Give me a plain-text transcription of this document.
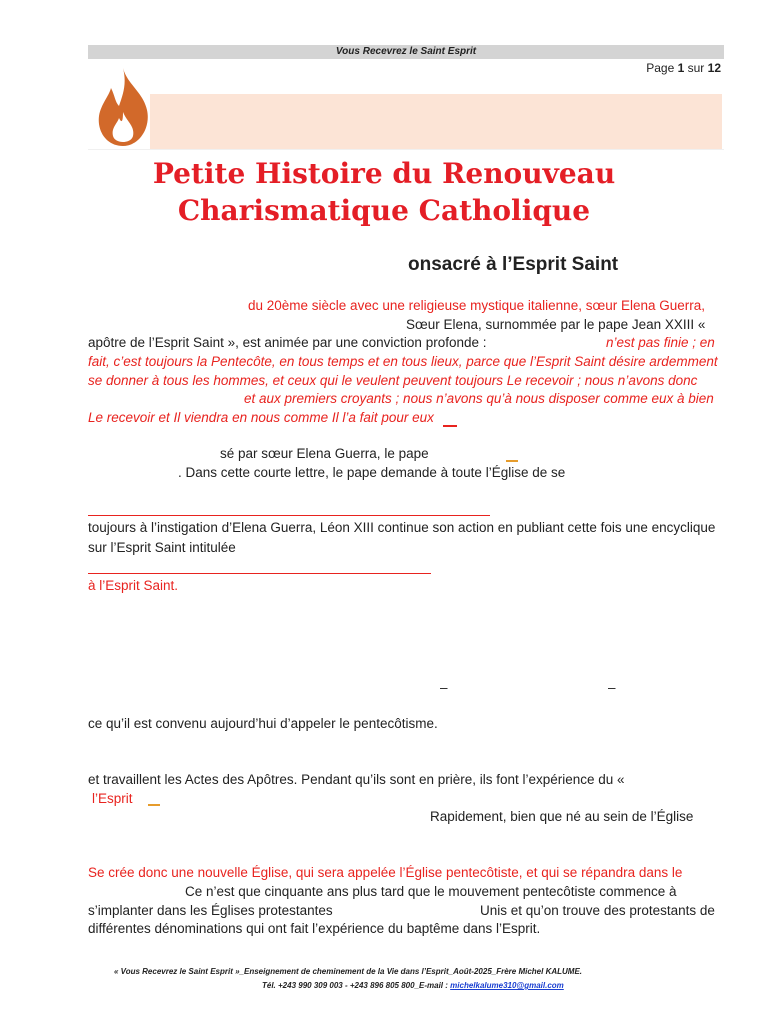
Vous Recevrez le Saint Esprit
Page 1 sur 12
Petite Histoire du Renouveau
Charismatique Catholique
onsacré à l’Esprit Saint
du 20ème siècle avec une religieuse mystique italienne, sœur Elena Guerra,
Sœur Elena, surnommée par le pape Jean XXIII «
apôtre de l’Esprit Saint », est animée par une conviction profonde :	n’est pas finie ; en
fait, c’est toujours la Pentecôte, en tous temps et en tous lieux, parce que l’Esprit Saint désire ardemment
se donner à tous les hommes, et ceux qui le veulent peuvent toujours Le recevoir ; nous n’avons donc
et aux premiers croyants ; nous n’avons qu’à nous disposer comme eux à bien
Le recevoir et Il viendra en nous comme Il l’a fait pour eux
sé par sœur Elena Guerra, le pape
. Dans cette courte lettre, le pape demande à toute l’Église de se
toujours à l’instigation d’Elena Guerra, Léon XIII continue son action en publiant cette fois une encyclique
sur l’Esprit Saint intitulée
à l’Esprit Saint.
–	–
ce qu’il est convenu aujourd’hui d’appeler le pentecôtisme.
et travaillent les Actes des Apôtres. Pendant qu’ils sont en prière, ils font l’expérience du «
l’Esprit
Rapidement, bien que né au sein de l’Église
Se crée donc une nouvelle Église, qui sera appelée l’Église pentecôtiste, et qui se répandra dans le
Ce n’est que cinquante ans plus tard que le mouvement pentecôtiste commence à
s’implanter dans les Églises protestantes	Unis et qu’on trouve des protestants de
différentes dénominations qui ont fait l’expérience du baptême dans l’Esprit.
« Vous Recevrez le Saint Esprit »_Enseignement de cheminement de la Vie dans l’Esprit_Août-2025_Frère Michel KALUME.
Tél. +243 990 309 003 - +243 896 805 800_E-mail : michelkalume310@gmail.com
